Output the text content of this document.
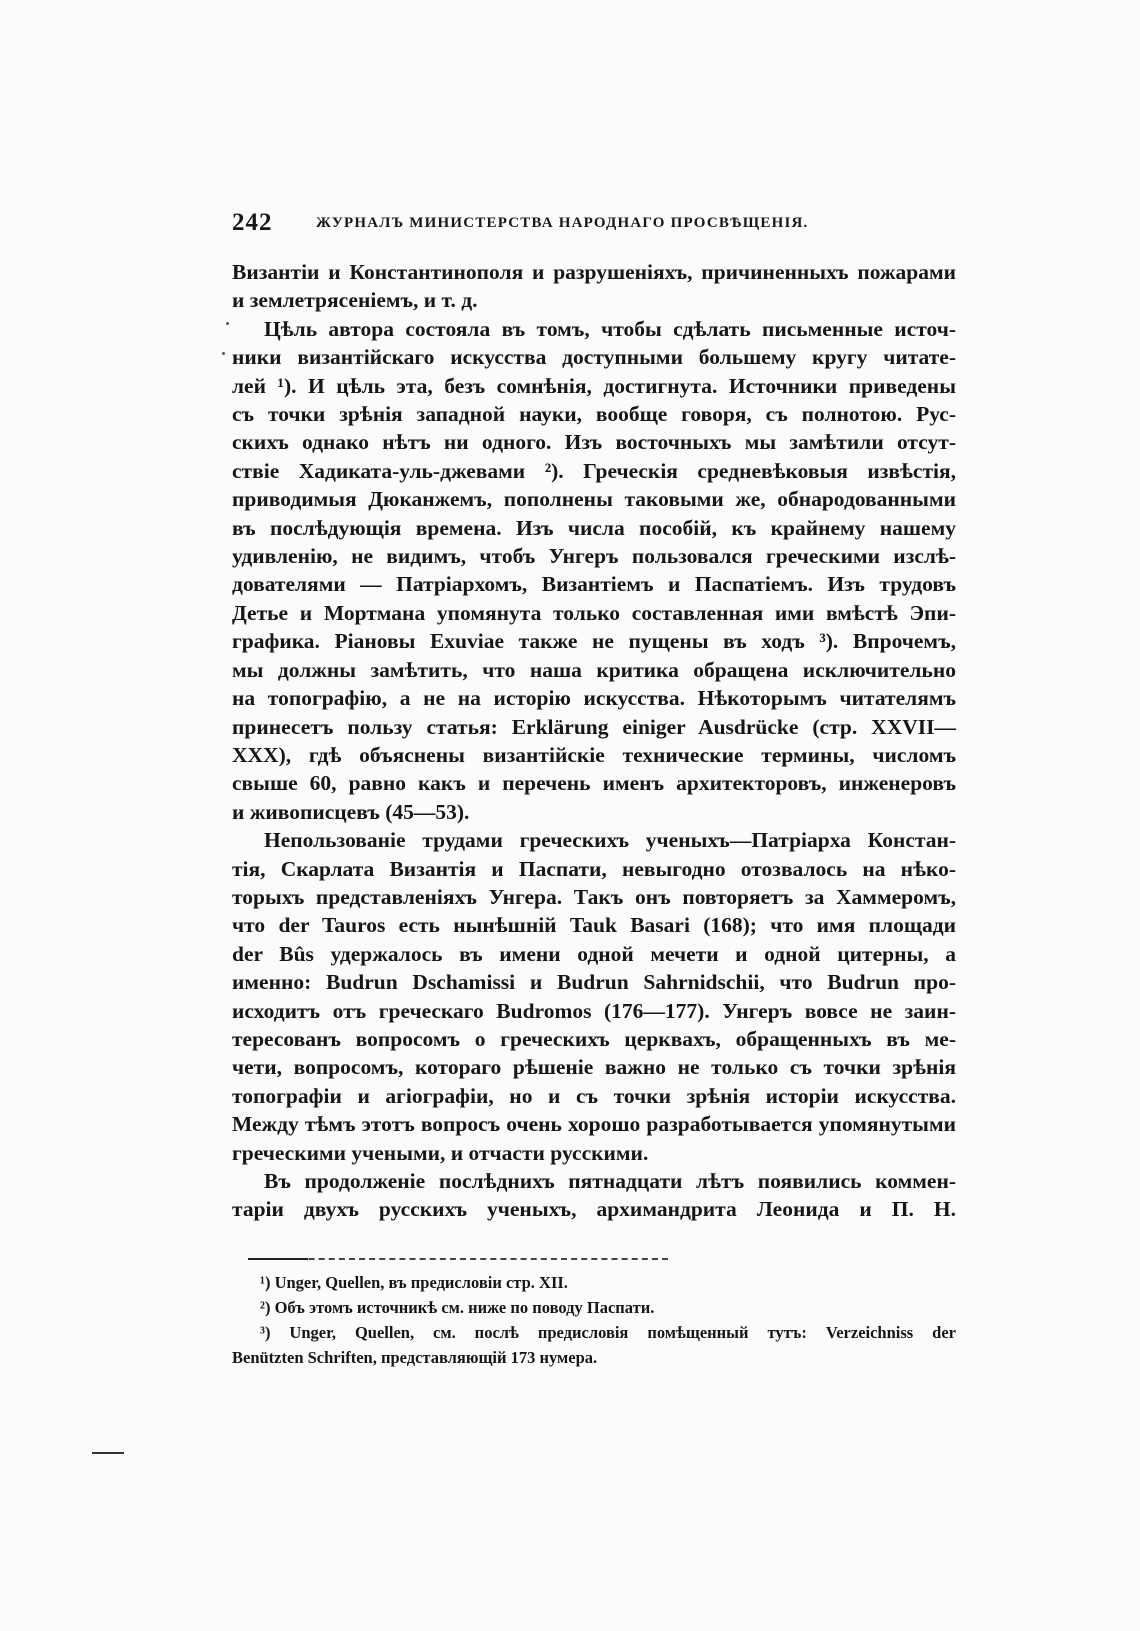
242	ЖУРНАЛЪ МИНИСТЕРСТВА НАРОДНАГО ПРОСВѢЩЕНІЯ.
Византіи и Константинополя и разрушеніяхъ, причиненныхъ пожарами
и землетрясеніемъ, и т. д.
Цѣль автора состояла въ томъ, чтобы сдѣлать письменные источ-
ники византійскаго искусства доступными большему кругу читате-
лей ¹). И цѣль эта, безъ сомнѣнія, достигнута. Источники приведены
съ точки зрѣнія западной науки, вообще говоря, съ полнотою. Рус-
скихъ однако нѣтъ ни одного. Изъ восточныхъ мы замѣтили отсут-
ствіе Хадиката-уль-джевами ²). Греческія средневѣковыя извѣстія,
приводимыя Дюканжемъ, пополнены таковыми же, обнародованными
въ послѣдующія времена. Изъ числа пособій, къ крайнему нашему
удивленію, не видимъ, чтобъ Унгеръ пользовался греческими изслѣ-
дователями — Патріархомъ, Византіемъ и Паспатіемъ. Изъ трудовъ
Детье и Мортмана упомянута только составленная ими вмѣстѣ Эпи-
графика. Ріановы Exuviae также не пущены въ ходъ ³). Впрочемъ,
мы должны замѣтить, что наша критика обращена исключительно
на топографію, а не на исторію искусства. Нѣкоторымъ читателямъ
принесетъ пользу статья: Erklärung einiger Ausdrücke (стр. XXVII—
XXX), гдѣ объяснены византійскіе технические термины, числомъ
свыше 60, равно какъ и перечень именъ архитекторовъ, инженеровъ
и живописцевъ (45—53).
Непользованіе трудами греческихъ ученыхъ—Патріарха Констан-
тія, Скарлата Византія и Паспати, невыгодно отозвалось на нѣко-
торыхъ представленіяхъ Унгера. Такъ онъ повторяетъ за Хаммеромъ,
что der Tauros есть нынѣшній Tauk Basari (168); что имя площади
der Bûs удержалось въ имени одной мечети и одной цитерны, а
именно: Budrun Dschamissi и Budrun Sahrnidschii, что Budrun про-
исходитъ отъ греческаго Budromos (176—177). Унгеръ вовсе не заин-
тересованъ вопросомъ о греческихъ церквахъ, обращенныхъ въ ме-
чети, вопросомъ, котораго рѣшеніе важно не только съ точки зрѣнія
топографіи и агіографіи, но и съ точки зрѣнія исторіи искусства.
Между тѣмъ этотъ вопросъ очень хорошо разработывается упомянутыми
греческими учеными, и отчасти русскими.
Въ продолженіе послѣднихъ пятнадцати лѣтъ появились коммен-
таріи двухъ русскихъ ученыхъ, архимандрита Леонида и П. Н.
¹) Unger, Quellen, въ предисловіи стр. XII.
²) Объ этомъ источникѣ см. ниже по поводу Паспати.
³) Unger, Quellen, см. послѣ предисловія помѣщенный тутъ: Verzeichniss der
Benützten Schriften, представляющій 173 нумера.
